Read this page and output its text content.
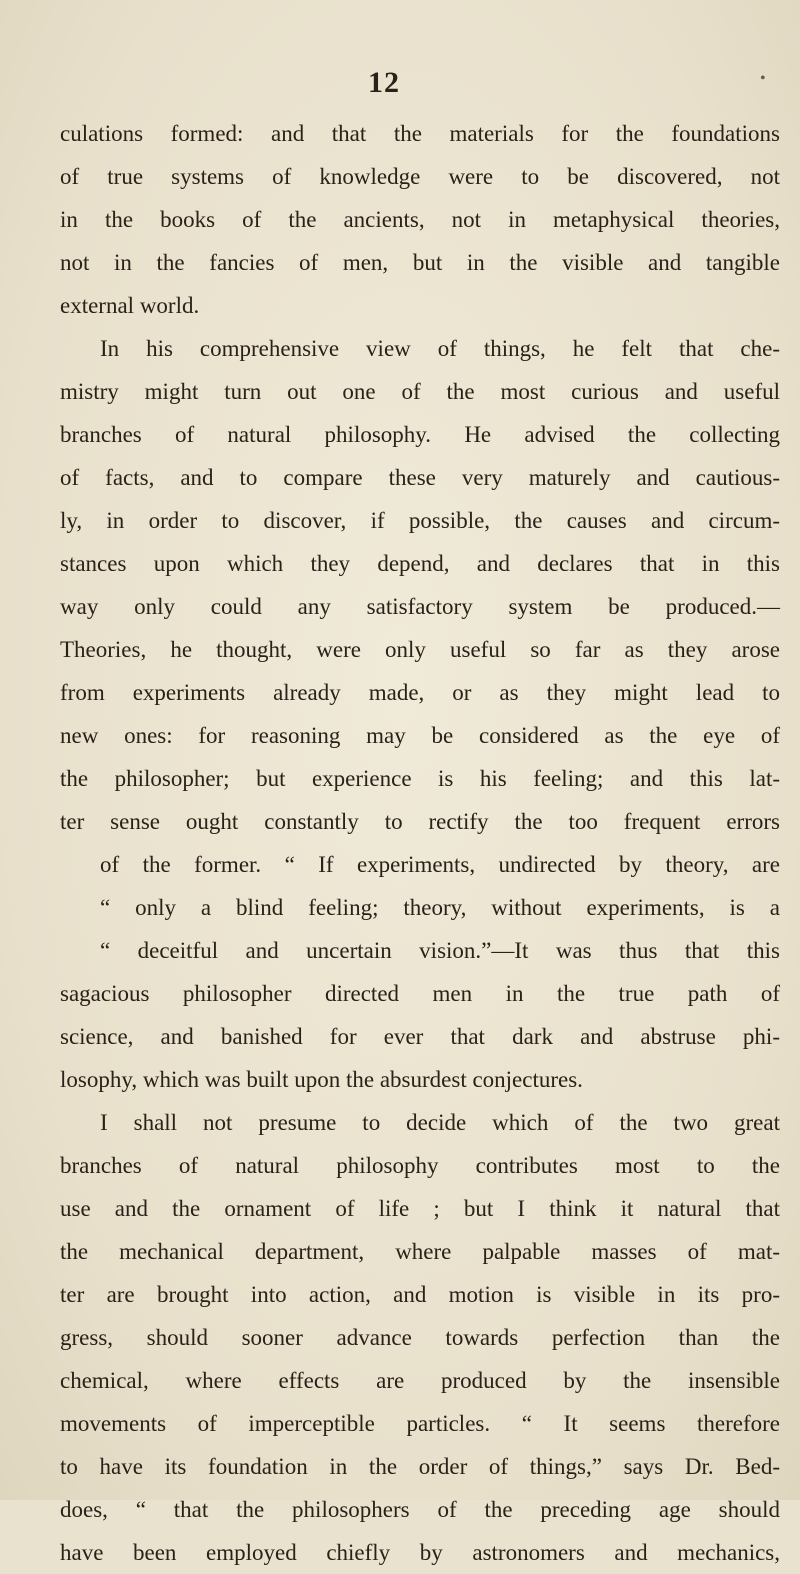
12	•
culations formed: and that the materials for the foundations
of true systems of knowledge were to be discovered, not
in the books of the ancients, not in metaphysical theories,
not in the fancies of men, but in the visible and tangible
external world.
In his comprehensive view of things, he felt that che-
mistry might turn out one of the most curious and useful
branches of natural philosophy. He advised the collecting
of facts, and to compare these very maturely and cautious-
ly, in order to discover, if possible, the causes and circum-
stances upon which they depend, and declares that in this
way only could any satisfactory system be produced.—
Theories, he thought, were only useful so far as they arose
from experiments already made, or as they might lead to
new ones: for reasoning may be considered as the eye of
the philosopher; but experience is his feeling; and this lat-
ter sense ought constantly to rectify the too frequent errors
of the former. “ If experiments, undirected by theory, are
“ only a blind feeling; theory, without experiments, is a
“ deceitful and uncertain vision.”—It was thus that this
sagacious philosopher directed men in the true path of
science, and banished for ever that dark and abstruse phi-
losophy, which was built upon the absurdest conjectures.
I shall not presume to decide which of the two great
branches of natural philosophy contributes most to the
use and the ornament of life ; but I think it natural that
the mechanical department, where palpable masses of mat-
ter are brought into action, and motion is visible in its pro-
gress, should sooner advance towards perfection than the
chemical, where effects are produced by the insensible
movements of imperceptible particles. “ It seems therefore
to have its foundation in the order of things,” says Dr. Bed-
does, “ that the philosophers of the preceding age should
have been employed chiefly by astronomers and mechanics,
